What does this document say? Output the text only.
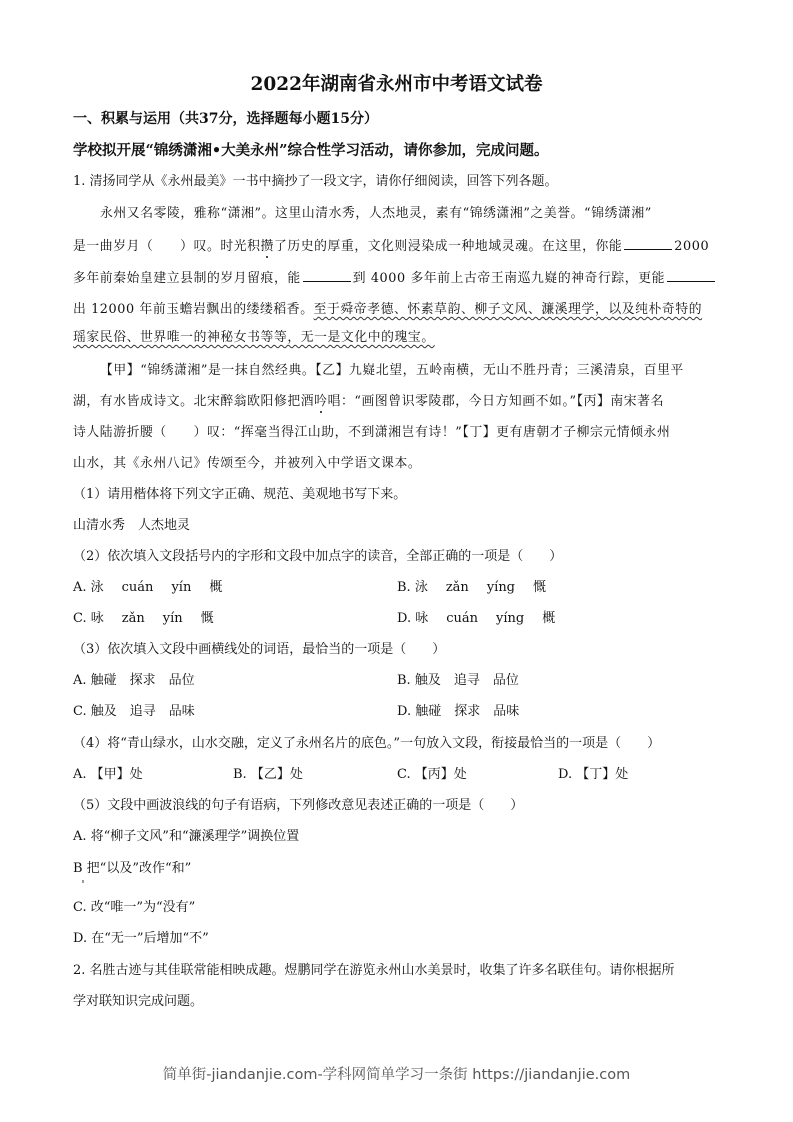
2022年湖南省永州市中考语文试卷
一、积累与运用（共37分，选择题每小题15分）
学校拟开展“锦绣潇湘•大美永州”综合性学习活动，请你参加，完成问题。
1. 清扬同学从《永州最美》一书中摘抄了一段文字，请你仔细阅读，回答下列各题。
永州又名零陵，雅称“潇湘”。这里山清水秀，人杰地灵，素有“锦绣潇湘”之美誉。“锦绣潇湘”
是一曲岁月（　　）叹。时光积攒了历史的厚重，文化则浸染成一种地域灵魂。在这里，你能	2000
多年前秦始皇建立县制的岁月留痕，能	到 4000 多年前上古帝王南巡九嶷的神奇行踪，更能
出 12000 年前玉蟾岩飘出的缕缕稻香。至于舜帝孝德、怀素草韵、柳子文风、濂溪理学，以及纯朴奇特的
瑶家民俗、世界唯一的神秘女书等等，无一是文化中的瑰宝。
【甲】“锦绣潇湘”是一抹自然经典。【乙】九嶷北望，五岭南横，无山不胜丹青；三溪清泉，百里平
湖，有水皆成诗文。北宋醉翁欧阳修把酒吟唱：“画图曾识零陵郡，今日方知画不如。”【丙】南宋著名
诗人陆游折腰（　　）叹：“挥毫当得江山助，不到潇湘岂有诗！”【丁】更有唐朝才子柳宗元情倾永州
山水，其《永州八记》传颂至今，并被列入中学语文课本。
（1）请用楷体将下列文字正确、规范、美观地书写下来。
山清水秀　人杰地灵
（2）依次填入文段括号内的字形和文段中加点字的读音，全部正确的一项是（　　）
A. 泳 cuán yín 概	B. 泳 zǎn yíng 慨
C. 咏 zǎn yín 慨	D. 咏 cuán yíng 概
（3）依次填入文段中画横线处的词语，最恰当的一项是（　　）
A. 触碰　探求　品位	B. 触及　追寻　品位
C. 触及　追寻　品味	D. 触碰　探求　品味
（4）将“青山绿水，山水交融，定义了永州名片的底色。”一句放入文段，衔接最恰当的一项是（　　）
A. 【甲】处	B. 【乙】处	C. 【丙】处	D. 【丁】处
（5）文段中画波浪线的句子有语病，下列修改意见表述正确的一项是（　　）
A. 将“柳子文风”和“濂溪理学”调换位置
B 把“以及”改作“和”
C. 改“唯一”为“没有”
D. 在“无一”后增加“不”
2. 名胜古迹与其佳联常能相映成趣。煜鹏同学在游览永州山水美景时，收集了许多名联佳句。请你根据所
学对联知识完成问题。
简单街-jiandanjie.com-学科网简单学习一条街 https://jiandanjie.com
